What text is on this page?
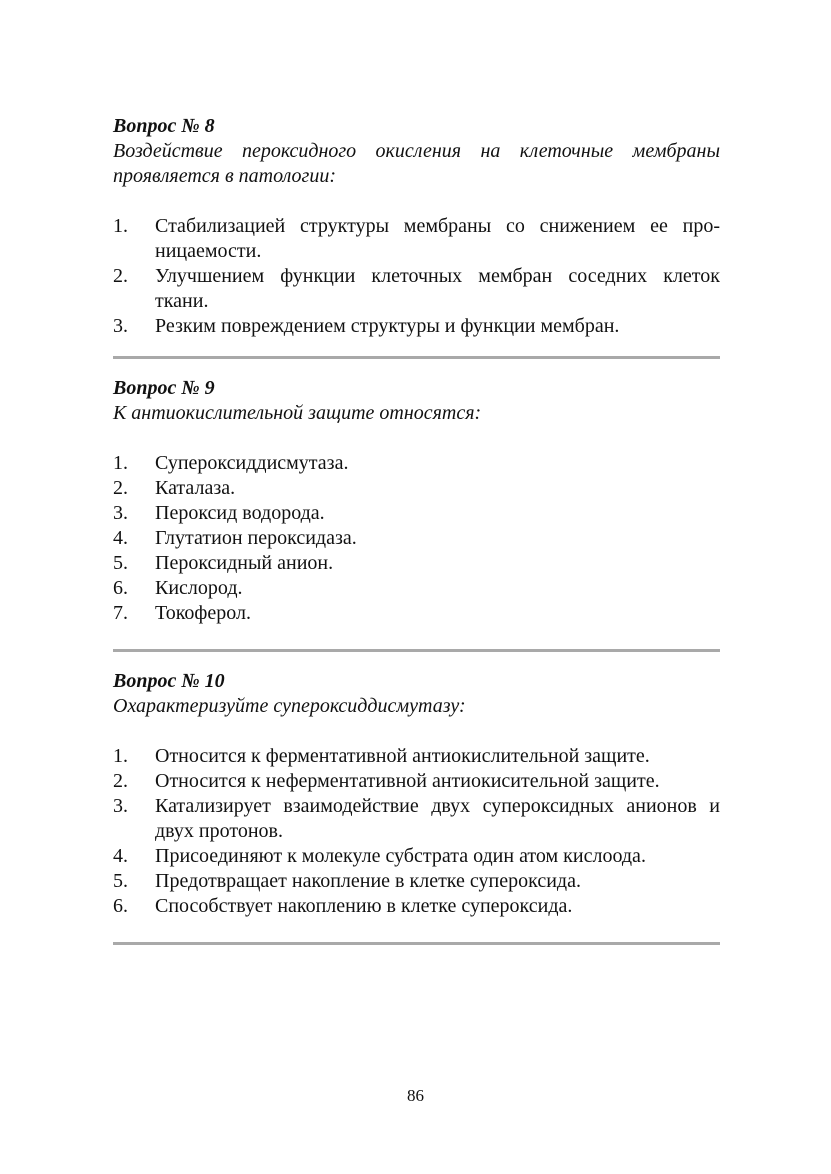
Вопрос № 8

Воздействие пероксидного окисления на клеточные мембраны проявляется в патологии:

1.	Стабилизацией структуры мембраны со снижением ее проницаемости.
2.	Улучшением функции клеточных мембран соседних клеток ткани.
3.	Резким повреждением структуры и функции мембран.

Вопрос № 9

К антиокислительной защите относятся:

1.	Супероксиддисмутаза.
2.	Каталаза.
3.	Пероксид водорода.
4.	Глутатион пероксидаза.
5.	Пероксидный анион.
6.	Кислород.
7.	Токоферол.

Вопрос № 10

Охарактеризуйте супероксиддисмутазу:

1.	Относится к ферментативной антиокислительной защите.
2.	Относится к неферментативной антиокисительной защите.
3.	Катализирует взаимодействие двух супероксидных анионов и двух протонов.
4.	Присоединяют к молекуле субстрата один атом кислоода.
5.	Предотвращает накопление в клетке супероксида.
6.	Способствует накоплению в клетке супероксида.
86
